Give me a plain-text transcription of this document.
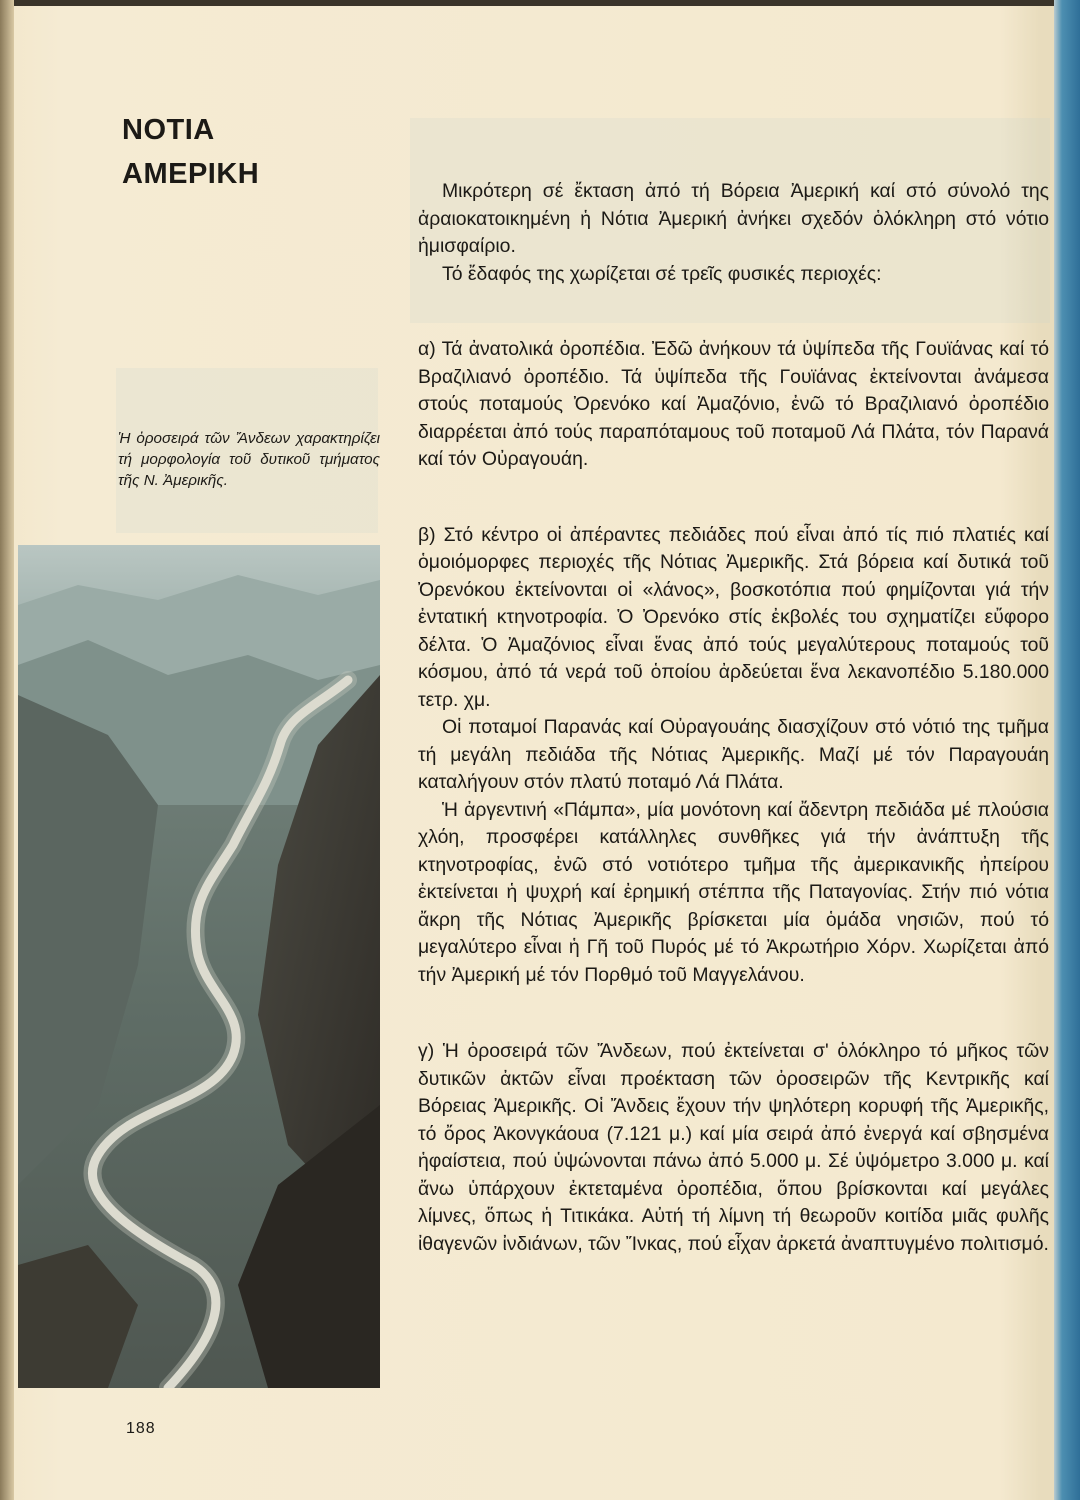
ΝΟΤΙΑ
ΑΜΕΡΙΚΗ

Ἡ ὀροσειρά τῶν Ἄνδεων χαρακτηρίζει τή μορφολογία τοῦ δυτικοῦ τμήματος τῆς Ν. Ἀμερικῆς.

Μικρότερη σέ ἔκταση ἀπό τή Βόρεια Ἀμερική καί στό σύνολό της ἀραιοκατοικημένη ἡ Νότια Ἀμερική ἀνήκει σχεδόν ὁλόκληρη στό νότιο ἡμισφαίριο.

Τό ἔδαφός της χωρίζεται σέ τρεῖς φυσικές περιοχές:

α) Τά ἀνατολικά ὀροπέδια. Ἐδῶ ἀνήκουν τά ὑψίπεδα τῆς Γουϊάνας καί τό Βραζιλιανό ὀροπέδιο. Τά ὑψίπεδα τῆς Γουϊάνας ἐκτείνονται ἀνάμεσα στούς ποταμούς Ὀρενόκο καί Ἀμαζόνιο, ἐνῶ τό Βραζιλιανό ὀροπέδιο διαρρέεται ἀπό τούς παραπόταμους τοῦ ποταμοῦ Λά Πλάτα, τόν Παρανά καί τόν Οὐραγουάη.

β) Στό κέντρο οἱ ἀπέραντες πεδιάδες πού εἶναι ἀπό τίς πιό πλατιές καί ὁμοιόμορφες περιοχές τῆς Νότιας Ἀμερικῆς. Στά βόρεια καί δυτικά τοῦ Ὀρενόκου ἐκτείνονται οἱ «λάνος», βοσκοτόπια πού φημίζονται γιά τήν ἐντατική κτηνοτροφία. Ὁ Ὀρενόκο στίς ἐκβολές του σχηματίζει εὔφορο δέλτα. Ὁ Ἀμαζόνιος εἶναι ἕνας ἀπό τούς μεγαλύτερους ποταμούς τοῦ κόσμου, ἀπό τά νερά τοῦ ὁποίου ἀρδεύεται ἕνα λεκανοπέδιο 5.180.000 τετρ. χμ.

Οἱ ποταμοί Παρανάς καί Οὐραγουάης διασχίζουν στό νότιό της τμῆμα τή μεγάλη πεδιάδα τῆς Νότιας Ἀμερικῆς. Μαζί μέ τόν Παραγουάη καταλήγουν στόν πλατύ ποταμό Λά Πλάτα.

Ἡ ἀργεντινή «Πάμπα», μία μονότονη καί ἄδεντρη πεδιάδα μέ πλούσια χλόη, προσφέρει κατάλληλες συνθῆκες γιά τήν ἀνάπτυξη τῆς κτηνοτροφίας, ἐνῶ στό νοτιότερο τμῆμα τῆς ἀμερικανικῆς ἠπείρου ἐκτείνεται ἡ ψυχρή καί ἐρημική στέππα τῆς Παταγονίας. Στήν πιό νότια ἄκρη τῆς Νότιας Ἀμερικῆς βρίσκεται μία ὁμάδα νησιῶν, πού τό μεγαλύτερο εἶναι ἡ Γῆ τοῦ Πυρός μέ τό Ἀκρωτήριο Χόρν. Χωρίζεται ἀπό τήν Ἀμερική μέ τόν Πορθμό τοῦ Μαγγελάνου.

γ) Ἡ ὀροσειρά τῶν Ἄνδεων, πού ἐκτείνεται σ' ὁλόκληρο τό μῆκος τῶν δυτικῶν ἀκτῶν εἶναι προέκταση τῶν ὀροσειρῶν τῆς Κεντρικῆς καί Βόρειας Ἀμερικῆς. Οἱ Ἄνδεις ἔχουν τήν ψηλότερη κορυφή τῆς Ἀμερικῆς, τό ὄρος Ἀκονγκάουα (7.121 μ.) καί μία σειρά ἀπό ἐνεργά καί σβησμένα ἡφαίστεια, πού ὑψώνονται πάνω ἀπό 5.000 μ. Σέ ὑψόμετρο 3.000 μ. καί ἄνω ὑπάρχουν ἐκτεταμένα ὀροπέδια, ὅπου βρίσκονται καί μεγάλες λίμνες, ὅπως ἡ Τιτικάκα. Αὐτή τή λίμνη τή θεωροῦν κοιτίδα μιᾶς φυλῆς ἰθαγενῶν ἰνδιάνων, τῶν Ἴνκας, πού εἶχαν ἀρκετά ἀναπτυγμένο πολιτισμό.

188
